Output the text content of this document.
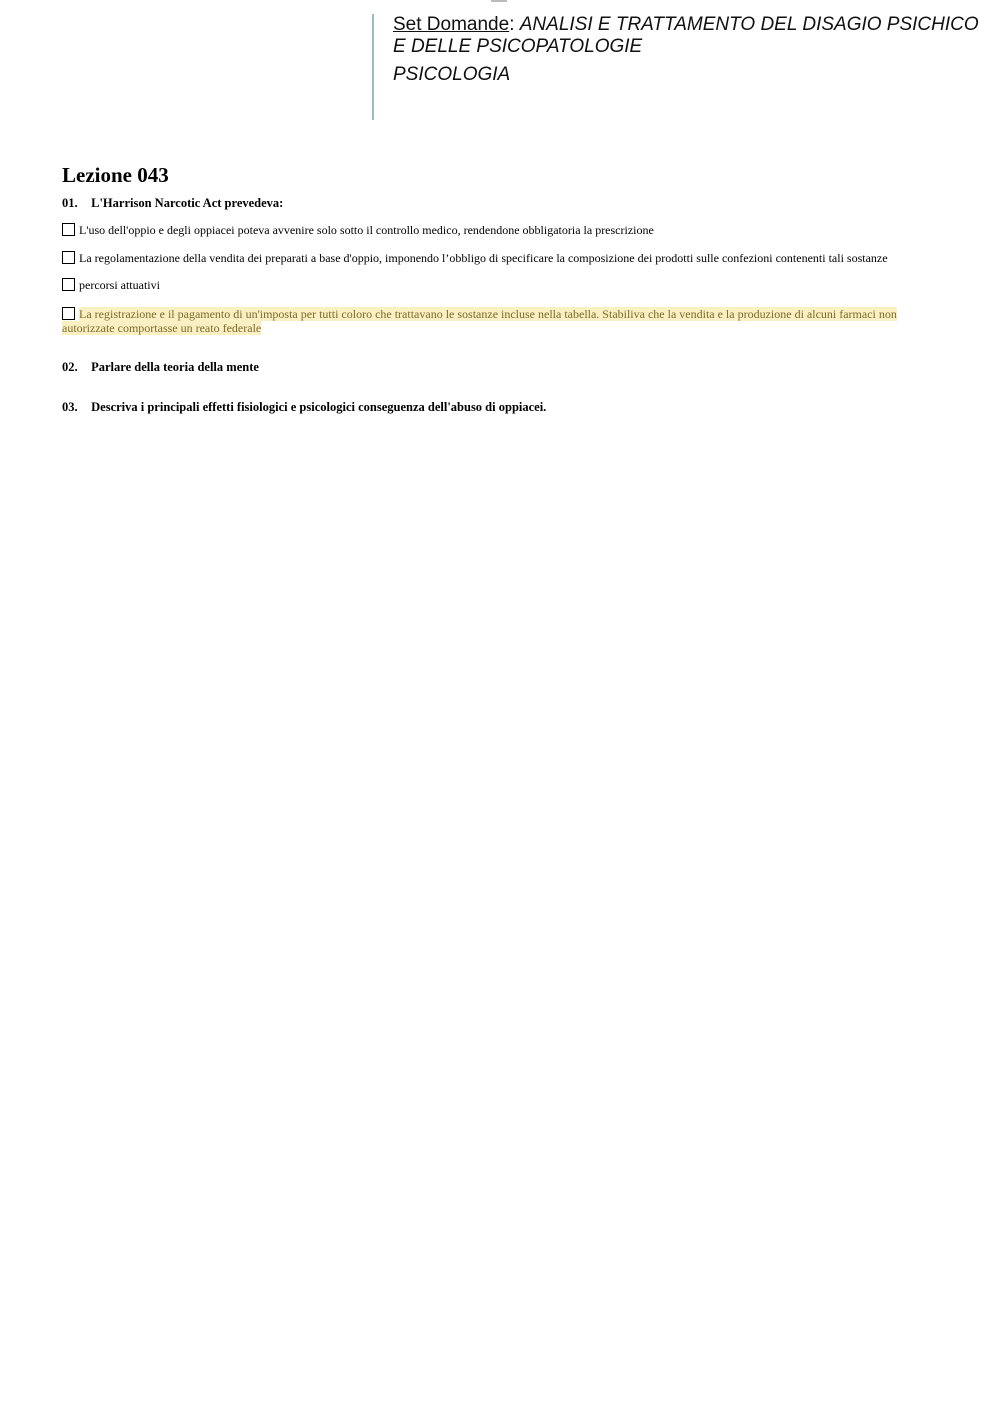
Set Domande: ANALISI E TRATTAMENTO DEL DISAGIO PSICHICO E DELLE PSICOPATOLOGIE
PSICOLOGIA
Lezione 043
01. L'Harrison Narcotic Act prevedeva:
L'uso dell'oppio e degli oppiacei poteva avvenire solo sotto il controllo medico, rendendone obbligatoria la prescrizione
La regolamentazione della vendita dei preparati a base d'oppio, imponendo l’obbligo di specificare la composizione dei prodotti sulle confezioni contenenti tali sostanze
percorsi attuativi
La registrazione e il pagamento di un'imposta per tutti coloro che trattavano le sostanze incluse nella tabella. Stabiliva che la vendita e la produzione di alcuni farmaci non autorizzate comportasse un reato federale
02. Parlare della teoria della mente
03. Descriva i principali effetti fisiologici e psicologici conseguenza dell'abuso di oppiacei.
